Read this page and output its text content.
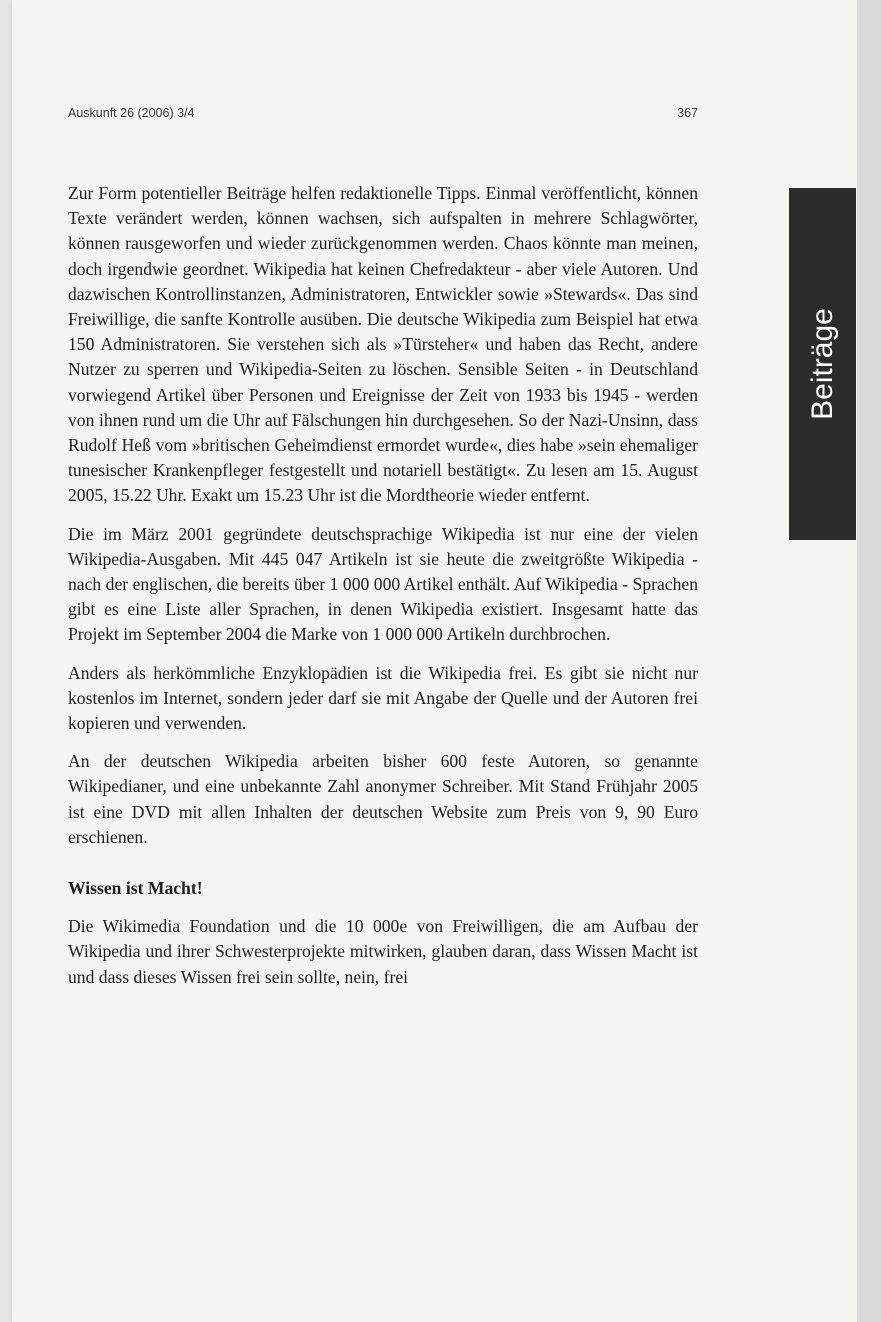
Auskunft 26 (2006) 3/4	367
Beiträge

Zur Form potentieller Beiträge helfen redaktionelle Tipps. Einmal veröffentlicht, können Texte verändert werden, können wachsen, sich aufspalten in mehrere Schlagwörter, können rausgeworfen und wieder zurückgenommen werden. Chaos könnte man meinen, doch irgendwie geordnet. Wikipedia hat keinen Chefredakteur - aber viele Autoren. Und dazwischen Kontrollinstanzen, Administratoren, Entwickler sowie »Stewards«. Das sind Freiwillige, die sanfte Kontrolle ausüben. Die deutsche Wikipedia zum Beispiel hat etwa 150 Administratoren. Sie verstehen sich als »Türsteher« und haben das Recht, andere Nutzer zu sperren und Wikipedia-Seiten zu löschen. Sensible Seiten - in Deutschland vorwiegend Artikel über Personen und Ereignisse der Zeit von 1933 bis 1945 - werden von ihnen rund um die Uhr auf Fälschungen hin durchgesehen. So der Nazi-Unsinn, dass Rudolf Heß vom »britischen Geheimdienst ermordet wurde«, dies habe »sein ehemaliger tunesischer Krankenpfleger festgestellt und notariell bestätigt«. Zu lesen am 15. August 2005, 15.22 Uhr. Exakt um 15.23 Uhr ist die Mordtheorie wieder entfernt.

Die im März 2001 gegründete deutschsprachige Wikipedia ist nur eine der vielen Wikipedia-Ausgaben. Mit 445 047 Artikeln ist sie heute die zweitgrößte Wikipedia - nach der englischen, die bereits über 1 000 000 Artikel enthält. Auf Wikipedia - Sprachen gibt es eine Liste aller Sprachen, in denen Wikipedia existiert. Insgesamt hatte das Projekt im September 2004 die Marke von 1 000 000 Artikeln durchbrochen.

Anders als herkömmliche Enzyklopädien ist die Wikipedia frei. Es gibt sie nicht nur kostenlos im Internet, sondern jeder darf sie mit Angabe der Quelle und der Autoren frei kopieren und verwenden.

An der deutschen Wikipedia arbeiten bisher 600 feste Autoren, so genannte Wikipedianer, und eine unbekannte Zahl anonymer Schreiber. Mit Stand Frühjahr 2005 ist eine DVD mit allen Inhalten der deutschen Website zum Preis von 9, 90 Euro erschienen.

Wissen ist Macht!

Die Wikimedia Foundation und die 10 000e von Freiwilligen, die am Aufbau der Wikipedia und ihrer Schwesterprojekte mitwirken, glauben daran, dass Wissen Macht ist und dass dieses Wissen frei sein sollte, nein, frei
